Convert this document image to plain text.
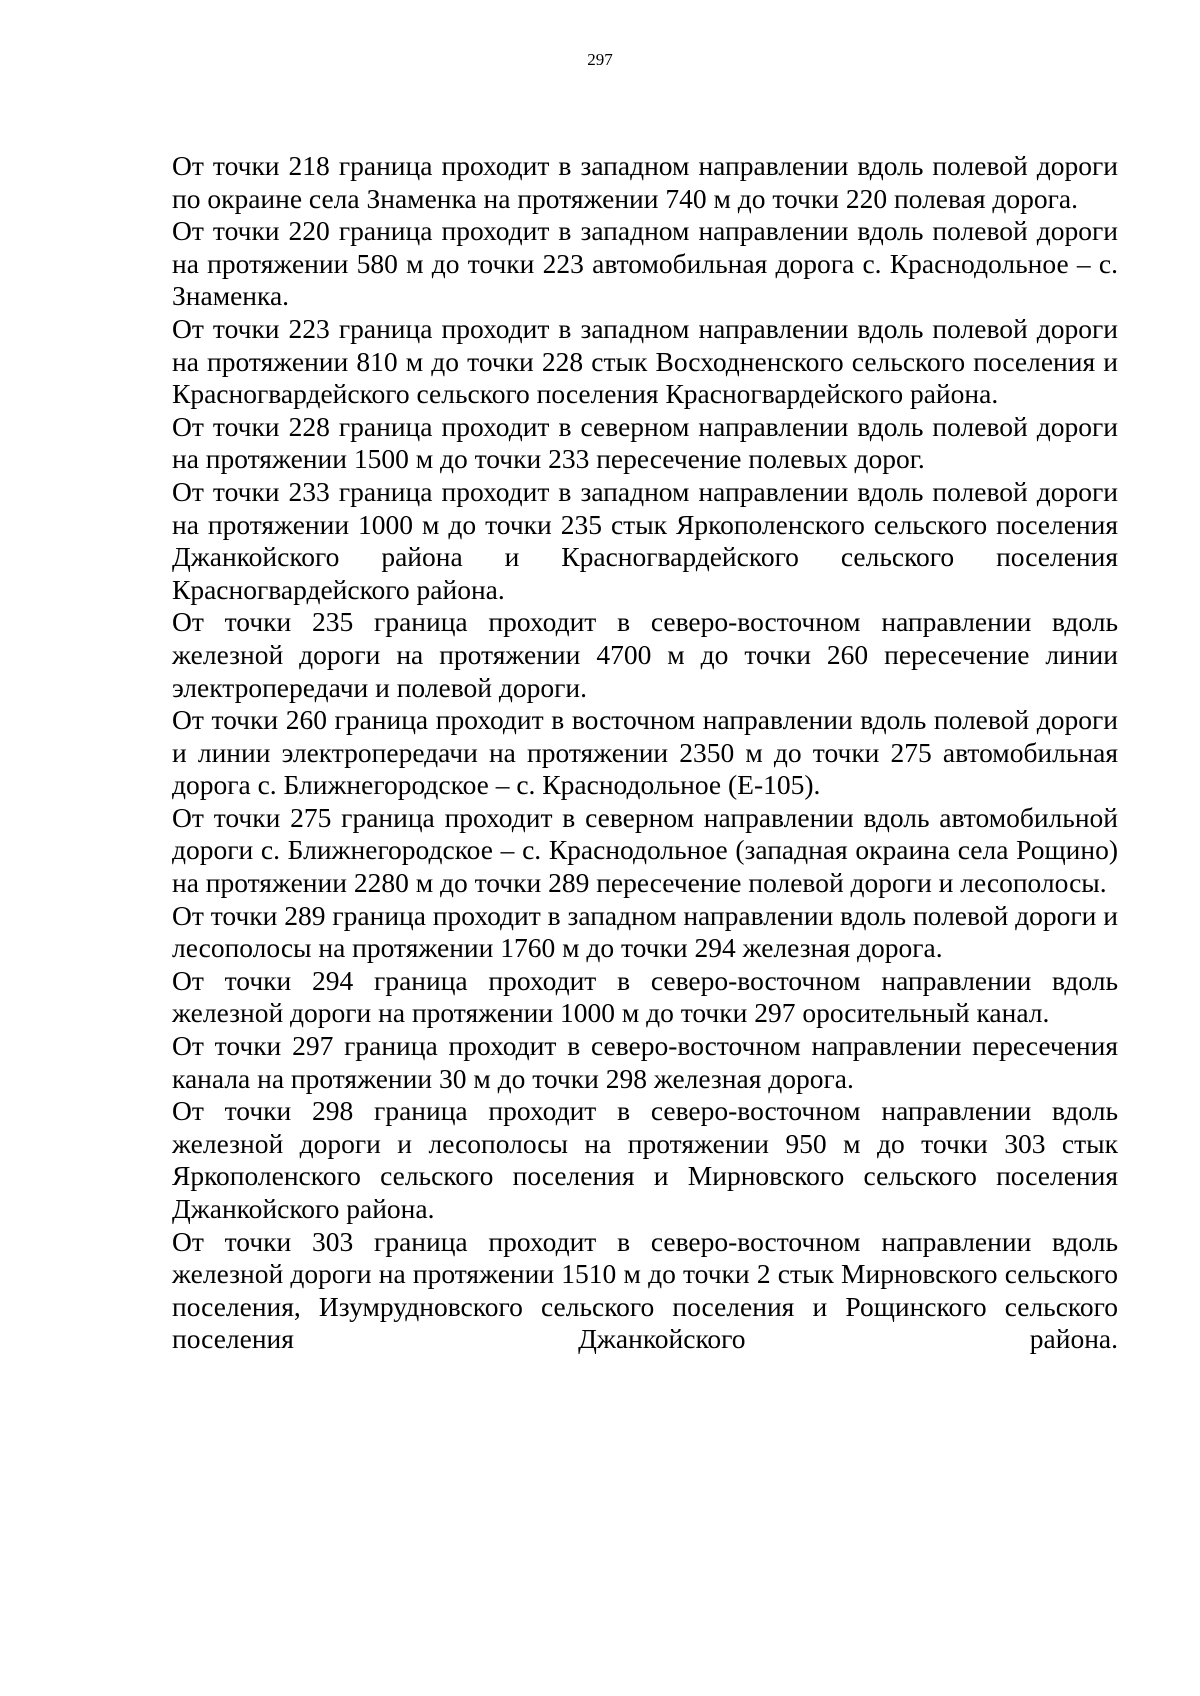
297

От точки 218 граница проходит в западном направлении вдоль полевой дороги по окраине села Знаменка на протяжении 740 м до точки 220 полевая дорога.

От точки 220 граница проходит в западном направлении вдоль полевой дороги на протяжении 580 м до точки 223 автомобильная дорога с. Краснодольное – с. Знаменка.

От точки 223 граница проходит в западном направлении вдоль полевой дороги на протяжении 810 м до точки 228 стык Восходненского сельского поселения и Красногвардейского сельского поселения Красногвардейского района.

От точки 228 граница проходит в северном направлении вдоль полевой дороги на протяжении 1500 м до точки 233 пересечение полевых дорог.

От точки 233 граница проходит в западном направлении вдоль полевой дороги на протяжении 1000 м до точки 235 стык Яркополенского сельского поселения Джанкойского района и Красногвардейского сельского поселения Красногвардейского района.

От точки 235 граница проходит в северо-восточном направлении вдоль железной дороги на протяжении 4700 м до точки 260 пересечение линии электропередачи и полевой дороги.

От точки 260 граница проходит в восточном направлении вдоль полевой дороги и линии электропередачи на протяжении 2350 м до точки 275 автомобильная дорога с. Ближнегородское – с. Краснодольное (Е-105).

От точки 275 граница проходит в северном направлении вдоль автомобильной дороги с. Ближнегородское – с. Краснодольное (западная окраина села Рощино) на протяжении 2280 м до точки 289 пересечение полевой дороги и лесополосы.

От точки 289 граница проходит в западном направлении вдоль полевой дороги и лесополосы на протяжении 1760 м до точки 294 железная дорога.

От точки 294 граница проходит в северо-восточном направлении вдоль железной дороги на протяжении 1000 м до точки 297 оросительный канал.

От точки 297 граница проходит в северо-восточном направлении пересечения канала на протяжении 30 м до точки 298 железная дорога.

От точки 298 граница проходит в северо-восточном направлении вдоль железной дороги и лесополосы на протяжении 950 м до точки 303 стык Яркополенского сельского поселения и Мирновского сельского поселения Джанкойского района.

От точки 303 граница проходит в северо-восточном направлении вдоль железной дороги на протяжении 1510 м до точки 2 стык Мирновского сельского поселения, Изумрудновского сельского поселения и Рощинского сельского поселения Джанкойского района.
